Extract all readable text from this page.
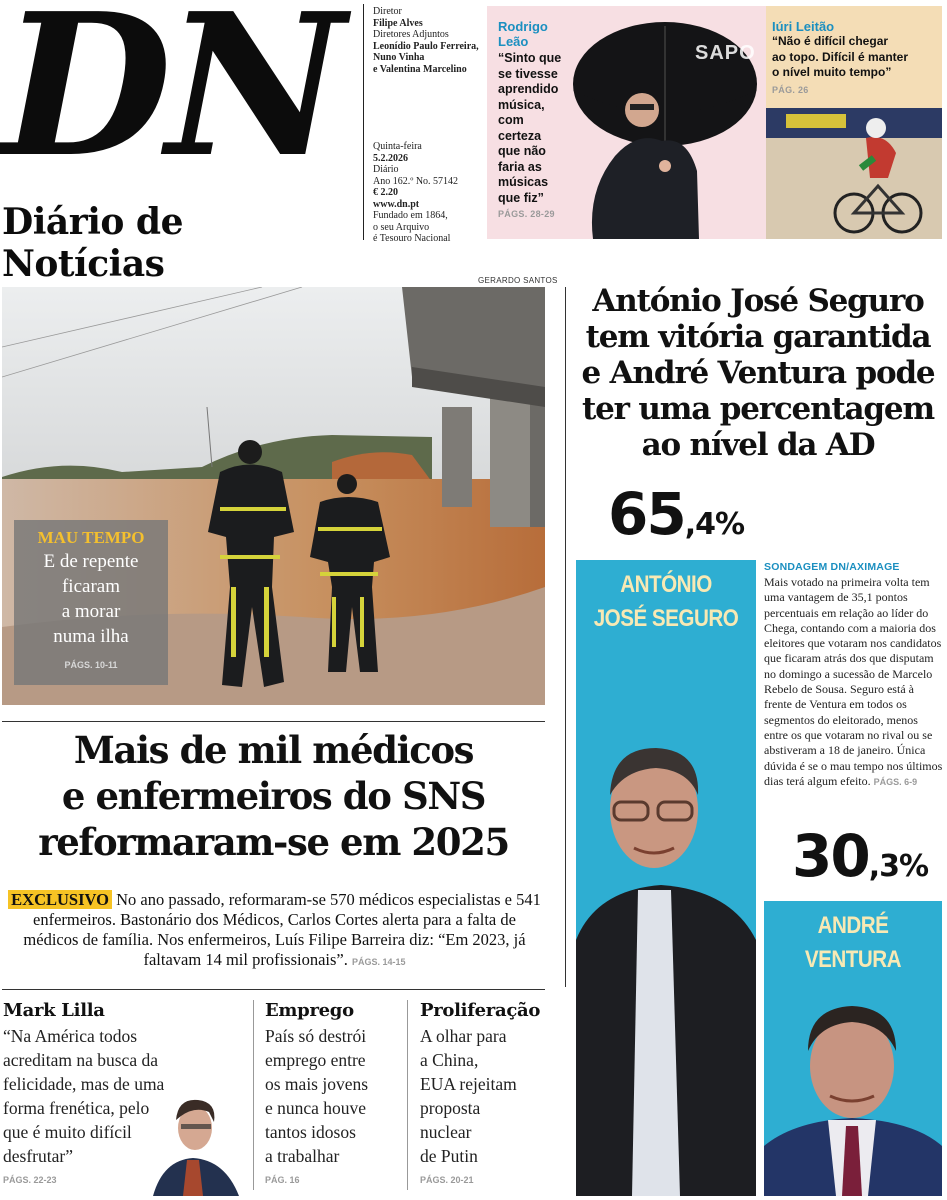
DN
Diário de Notícias
Diretor
Filipe Alves
Diretores Adjuntos
Leonídio Paulo Ferreira,
Nuno Vinha
e Valentina Marcelino
Quinta-feira
5.2.2026
Diário
Ano 162.º No. 57142
€ 2.20
www.dn.pt
Fundado em 1864,
o seu Arquivo
é Tesouro Nacional
Rodrigo
Leão
“Sinto que
se tivesse
aprendido
música,
com
certeza
que não
faria as
músicas
que fiz”
PÁGS. 28-29
Iúri Leitão
“Não é difícil chegar
ao topo. Difícil é manter
o nível muito tempo”
PÁG. 26
SAPO
GERARDO SANTOS
MAU TEMPO
E de repente
ficaram
a morar
numa ilha
PÁGS. 10-11
Mais de mil médicos
e enfermeiros do SNS
reformaram-se em 2025
EXCLUSIVO No ano passado, reformaram-se 570 médicos especialistas e 541 enfermeiros. Bastonário dos Médicos, Carlos Cortes alerta para a falta de médicos de família. Nos enfermeiros, Luís Filipe Barreira diz: “Em 2023, já faltavam 14 mil profissionais”. PÁGS. 14-15
Mark Lilla
“Na América todos
acreditam na busca da
felicidade, mas de uma
forma frenética, pelo
que é muito difícil
desfrutar”
PÁGS. 22-23
Emprego
País só destrói
emprego entre
os mais jovens
e nunca houve
tantos idosos
a trabalhar
PÁG. 16
Proliferação
A olhar para
a China,
EUA rejeitam
proposta
nuclear
de Putin
PÁGS. 20-21
António José Seguro
tem vitória garantida
e André Ventura pode
ter uma percentagem
ao nível da AD
65,4%
ANTÓNIO
JOSÉ SEGURO
SONDAGEM DN/AXIMAGE
Mais votado na primeira volta tem uma vantagem de 35,1 pontos percentuais em relação ao líder do Chega, contando com a maioria dos eleitores que votaram nos candidatos que ficaram atrás dos que disputam no domingo a sucessão de Marcelo Rebelo de Sousa. Seguro está à frente de Ventura em todos os segmentos do eleitorado, menos entre os que votaram no rival ou se abstiveram a 18 de janeiro. Única dúvida é se o mau tempo nos últimos dias terá algum efeito. PÁGS. 6-9
30,3%
ANDRÉ
VENTURA
